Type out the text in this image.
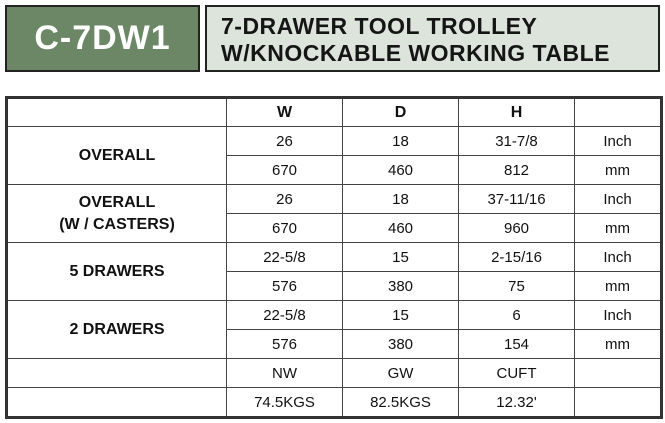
C-7DW1 7-DRAWER TOOL TROLLEY
W/KNOCKABLE WORKING TABLE
	W	D	H	

OVERALL	26	18	31-7/8	Inch
	670	460	812	mm

OVERALL
(W / CASTERS)	26	18	37-11/16	Inch
	670	460	960	mm

5 DRAWERS	22-5/8	15	2-15/16	Inch
	576	380	75	mm

2 DRAWERS	22-5/8	15	6	Inch
	576	380	154	mm
	NW	GW	CUFT	
	74.5KGS	82.5KGS	12.32'	
